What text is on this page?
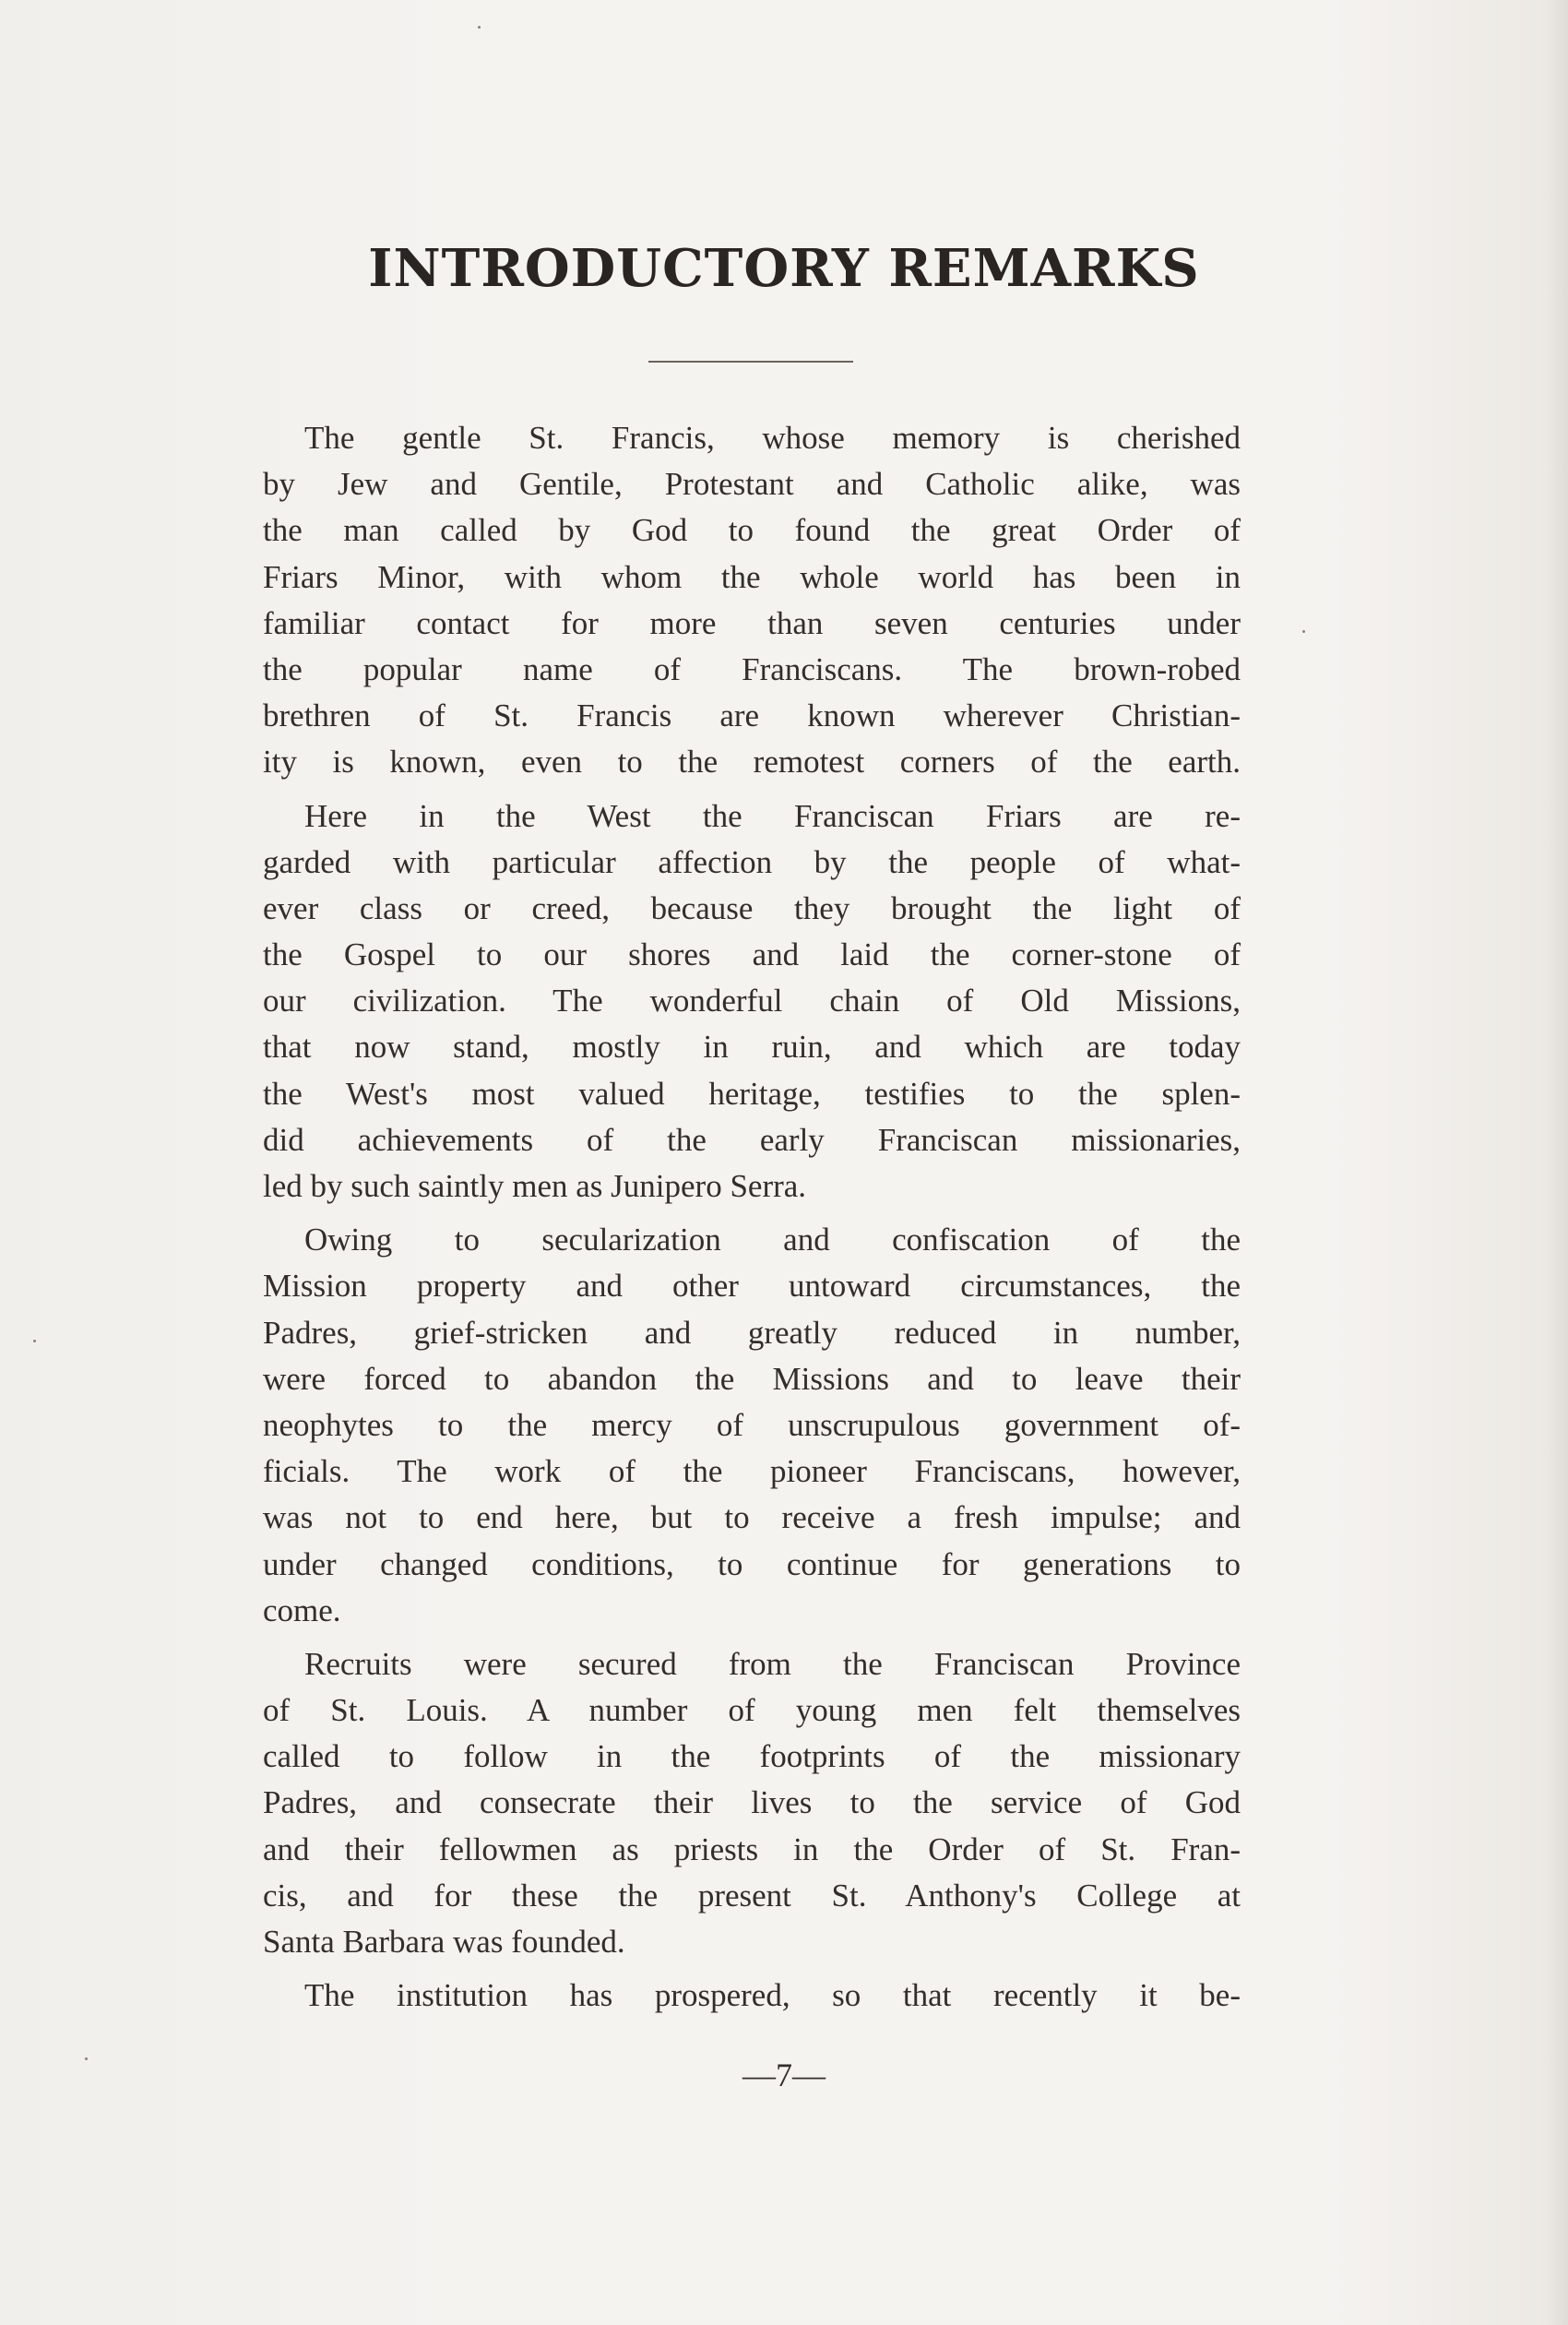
INTRODUCTORY REMARKS
The gentle St. Francis, whose memory is cherished
by Jew and Gentile, Protestant and Catholic alike, was
the man called by God to found the great Order of
Friars Minor, with whom the whole world has been in
familiar contact for more than seven centuries under
the popular name of Franciscans. The brown-robed
brethren of St. Francis are known wherever Christian-
ity is known, even to the remotest corners of the earth.
Here in the West the Franciscan Friars are re-
garded with particular affection by the people of what-
ever class or creed, because they brought the light of
the Gospel to our shores and laid the corner-stone of
our civilization. The wonderful chain of Old Missions,
that now stand, mostly in ruin, and which are today
the West's most valued heritage, testifies to the splen-
did achievements of the early Franciscan missionaries,
led by such saintly men as Junipero Serra.
Owing to secularization and confiscation of the
Mission property and other untoward circumstances, the
Padres, grief-stricken and greatly reduced in number,
were forced to abandon the Missions and to leave their
neophytes to the mercy of unscrupulous government of-
ficials. The work of the pioneer Franciscans, however,
was not to end here, but to receive a fresh impulse; and
under changed conditions, to continue for generations to
come.
Recruits were secured from the Franciscan Province
of St. Louis. A number of young men felt themselves
called to follow in the footprints of the missionary
Padres, and consecrate their lives to the service of God
and their fellowmen as priests in the Order of St. Fran-
cis, and for these the present St. Anthony's College at
Santa Barbara was founded.
The institution has prospered, so that recently it be-
—7—
